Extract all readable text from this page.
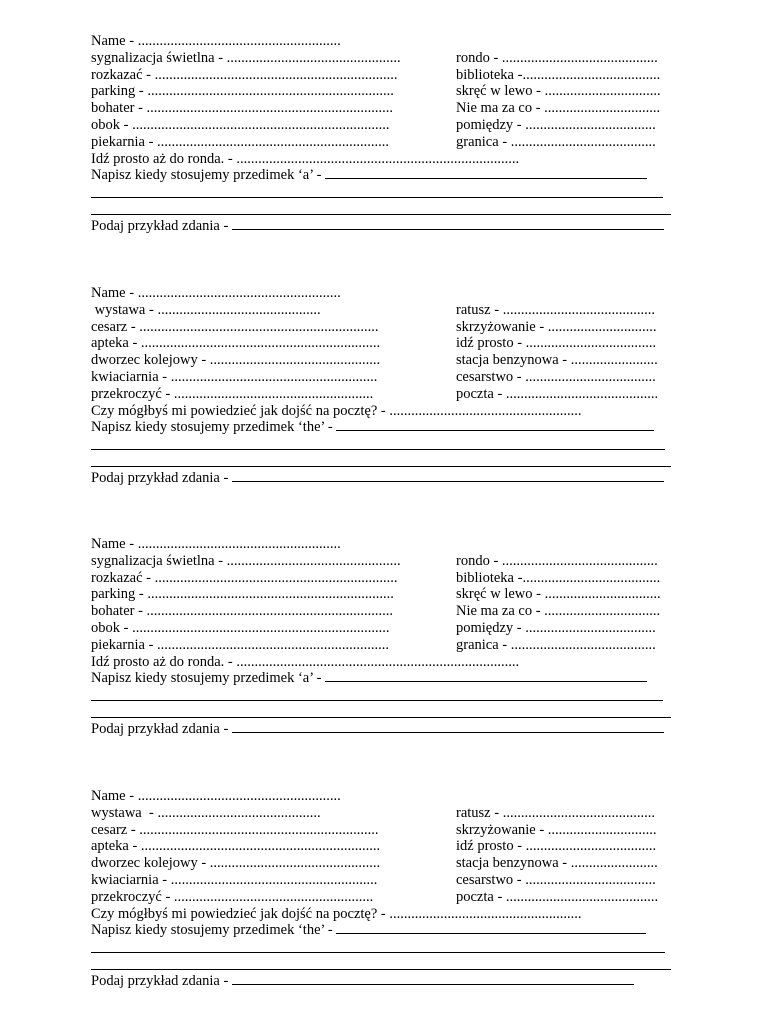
Name - ........................................................
sygnalizacja świetlna - ................................................	rondo - ...........................................
rozkazać - ...................................................................	biblioteka -......................................
parking - ....................................................................	skręć w lewo - ................................
bohater - ....................................................................	Nie ma za co - ................................
obok - .......................................................................	pomiędzy - ....................................
piekarnia - ................................................................	granica - ........................................
Idź prosto aż do ronda. - ..............................................................................
Napisz kiedy stosujemy przedimek ‘a’ -
Podaj przykład zdania -
Name - ........................................................
wystawa - .............................................	ratusz - ..........................................
cesarz - ..................................................................	skrzyżowanie - ..............................
apteka - ..................................................................	idź prosto - ....................................
dworzec kolejowy - ...............................................	stacja benzynowa - ........................
kwiaciarnia - .........................................................	cesarstwo - ....................................
przekroczyć - .......................................................	poczta - ..........................................
Czy mógłbyś mi powiedzieć jak dojść na pocztę? - .....................................................
Napisz kiedy stosujemy przedimek ‘the’ -
Podaj przykład zdania -
Name - ........................................................
sygnalizacja świetlna - ................................................	rondo - ...........................................
rozkazać - ...................................................................	biblioteka -......................................
parking - ....................................................................	skręć w lewo - ................................
bohater - ....................................................................	Nie ma za co - ................................
obok - .......................................................................	pomiędzy - ....................................
piekarnia - ................................................................	granica - ........................................
Idź prosto aż do ronda. - ..............................................................................
Napisz kiedy stosujemy przedimek ‘a’ -
Podaj przykład zdania -
Name - ........................................................
wystawa  - .............................................	ratusz - ..........................................
cesarz - ..................................................................	skrzyżowanie - ..............................
apteka - ..................................................................	idź prosto - ....................................
dworzec kolejowy - ...............................................	stacja benzynowa - ........................
kwiaciarnia - .........................................................	cesarstwo - ....................................
przekroczyć - .......................................................	poczta - ..........................................
Czy mógłbyś mi powiedzieć jak dojść na pocztę? - .....................................................
Napisz kiedy stosujemy przedimek ‘the’ -
Podaj przykład zdania -
